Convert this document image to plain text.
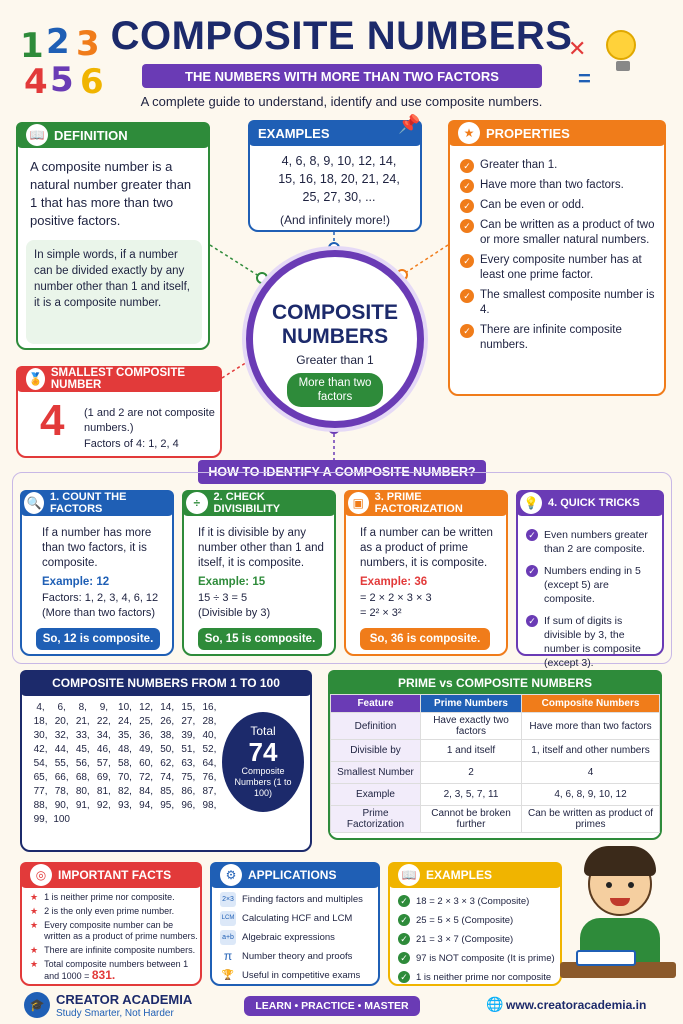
1 2 3
4 5 6
✕
=
COMPOSITE NUMBERS
THE NUMBERS WITH MORE THAN TWO FACTORS
A complete guide to understand, identify and use composite numbers.
📖 DEFINITION
A composite number is a natural number greater than 1 that has more than two positive factors.
In simple words, if a number can be divided exactly by any number other than 1 and itself, it is a composite number.
EXAMPLES	📌
4, 6, 8, 9, 10, 12, 14, 15, 16, 18, 20, 21, 24, 25, 27, 30, ...
(And infinitely more!)
★ PROPERTIES
✓ Greater than 1.
✓ Have more than two factors.
✓ Can be even or odd.
✓ Can be written as a product of two or more smaller natural numbers.
✓ Every composite number has at least one prime factor.
✓ The smallest composite number is 4.
✓ There are infinite composite numbers.
COMPOSITE
NUMBERS
Greater than 1
More than two factors
🏅 SMALLEST COMPOSITE NUMBER
4 (1 and 2 are not composite numbers.)
Factors of 4: 1, 2, 4
HOW TO IDENTIFY A COMPOSITE NUMBER?
🔍 1. COUNT THE FACTORS
If a number has more than two factors, it is composite.
Example: 12
Factors: 1, 2, 3, 4, 6, 12
(More than two factors)
So, 12 is composite.
÷	2. CHECK DIVISIBILITY
If it is divisible by any number other than 1 and itself, it is composite.
Example: 15
15 ÷ 3 = 5
(Divisible by 3)
So, 15 is composite.
▣ 3. PRIME FACTORIZATION
If a number can be written as a product of prime numbers, it is composite.
Example: 36
= 2 × 2 × 3 × 3
= 2² × 3²
So, 36 is composite.
💡 4. QUICK TRICKS
✓ Even numbers greater than 2 are composite.
✓ Numbers ending in 5 (except 5) are composite.
✓ If sum of digits is divisible by 3, the number is composite (except 3).
COMPOSITE NUMBERS FROM 1 TO 100
4,	6,	8,	9, 10, 12, 14, 15, 16,
18, 20, 21, 22, 24, 25, 26, 27, 28,
30, 32, 33, 34, 35, 36, 38, 39, 40,
42, 44, 45, 46, 48, 49, 50, 51, 52,
54, 55, 56, 57, 58, 60, 62, 63, 64,
65, 66, 68, 69, 70, 72, 74, 75, 76,
77, 78, 80, 81, 82, 84, 85, 86, 87,
88, 90, 91, 92, 93, 94, 95, 96, 98,
99, 100
Total
74
Composite Numbers (1 to 100)
PRIME vs COMPOSITE NUMBERS
Feature	Prime Numbers	Composite Numbers
Definition	Have exactly two factors	Have more than two factors
Divisible by	1 and itself	1, itself and other numbers
Smallest Number	2	4
Example	2, 3, 5, 7, 11	4, 6, 8, 9, 10, 12
Prime Factorization	Cannot be broken further	Can be written as product of primes
◎ IMPORTANT FACTS
★ 1 is neither prime nor composite.
★ 2 is the only even prime number.
★ Every composite number can be written as a product of prime numbers.
★ There are infinite composite numbers.
★ Total composite numbers between 1 and 1000 = 831.
⚙ APPLICATIONS
2×3 Finding factors and multiples
LCM Calculating HCF and LCM
a+b Algebraic expressions
π	Number theory and proofs
🏆 Useful in competitive exams
📖 EXAMPLES
✓ 18 = 2 × 3 × 3 (Composite)
✓ 25 = 5 × 5 (Composite)
✓ 21 = 3 × 7 (Composite)
✓ 97 is NOT composite (It is prime)
✓ 1 is neither prime nor composite
🎓 CREATOR ACADEMIA
Study Smarter, Not Harder
LEARN • PRACTICE • MASTER	🌐 www.creatoracademia.in
